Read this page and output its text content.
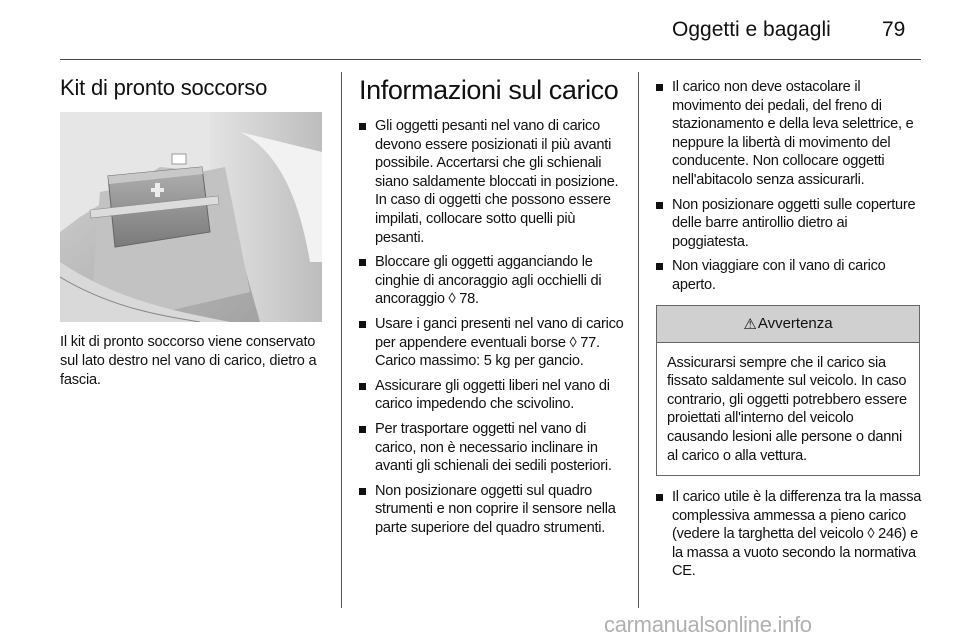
Oggetti e bagagli 79
Kit di pronto soccorso
Il kit di pronto soccorso viene conservato sul lato destro nel vano di carico, dietro a fascia.
Informazioni sul carico
Gli oggetti pesanti nel vano di carico devono essere posizionati il più avanti possibile. Accertarsi che gli schienali siano saldamente bloccati in posizione. In caso di oggetti che possono essere impilati, collocare sotto quelli più pesanti.
Bloccare gli oggetti agganciando le cinghie di ancoraggio agli occhielli di ancoraggio ◊ 78.
Usare i ganci presenti nel vano di carico per appendere eventuali borse ◊ 77. Carico massimo: 5 kg per gancio.
Assicurare gli oggetti liberi nel vano di carico impedendo che scivolino.
Per trasportare oggetti nel vano di carico, non è necessario inclinare in avanti gli schienali dei sedili posteriori.
Non posizionare oggetti sul quadro strumenti e non coprire il sensore nella parte superiore del quadro strumenti.
Il carico non deve ostacolare il movimento dei pedali, del freno di stazionamento e della leva selettrice, e neppure la libertà di movimento del conducente. Non collocare oggetti nell'abitacolo senza assicurarli.
Non posizionare oggetti sulle coperture delle barre antirollio dietro ai poggiatesta.
Non viaggiare con il vano di carico aperto.
⚠ Avvertenza
Assicurarsi sempre che il carico sia fissato saldamente sul veicolo. In caso contrario, gli oggetti potrebbero essere proiettati all'interno del veicolo causando lesioni alle persone o danni al carico o alla vettura.
Il carico utile è la differenza tra la massa complessiva ammessa a pieno carico (vedere la targhetta del veicolo ◊ 246) e la massa a vuoto secondo la normativa CE.
carmanualsonline.info
